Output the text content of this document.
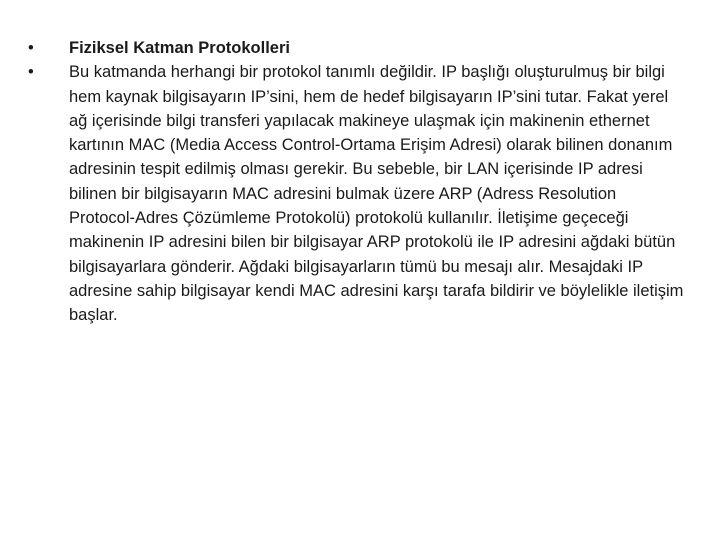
• Fiziksel Katman Protokolleri
• Bu katmanda herhangi bir protokol tanımlı değildir. IP başlığı oluşturulmuş bir bilgi hem kaynak bilgisayarın IP’sini, hem de hedef bilgisayarın IP’sini tutar. Fakat yerel ağ içerisinde bilgi transferi yapılacak makineye ulaşmak için makinenin ethernet kartının MAC (Media Access Control-Ortama Erişim Adresi) olarak bilinen donanım adresinin tespit edilmiş olması gerekir. Bu sebeble, bir LAN içerisinde IP adresi bilinen bir bilgisayarın MAC adresini bulmak üzere ARP (Adress Resolution Protocol-Adres Çözümleme Protokolü) protokolü kullanılır. İletişime geçeceği makinenin IP adresini bilen bir bilgisayar ARP protokolü ile IP adresini ağdaki bütün bilgisayarlara gönderir. Ağdaki bilgisayarların tümü bu mesajı alır. Mesajdaki IP adresine sahip bilgisayar kendi MAC adresini karşı tarafa bildirir ve böylelikle iletişim başlar.
